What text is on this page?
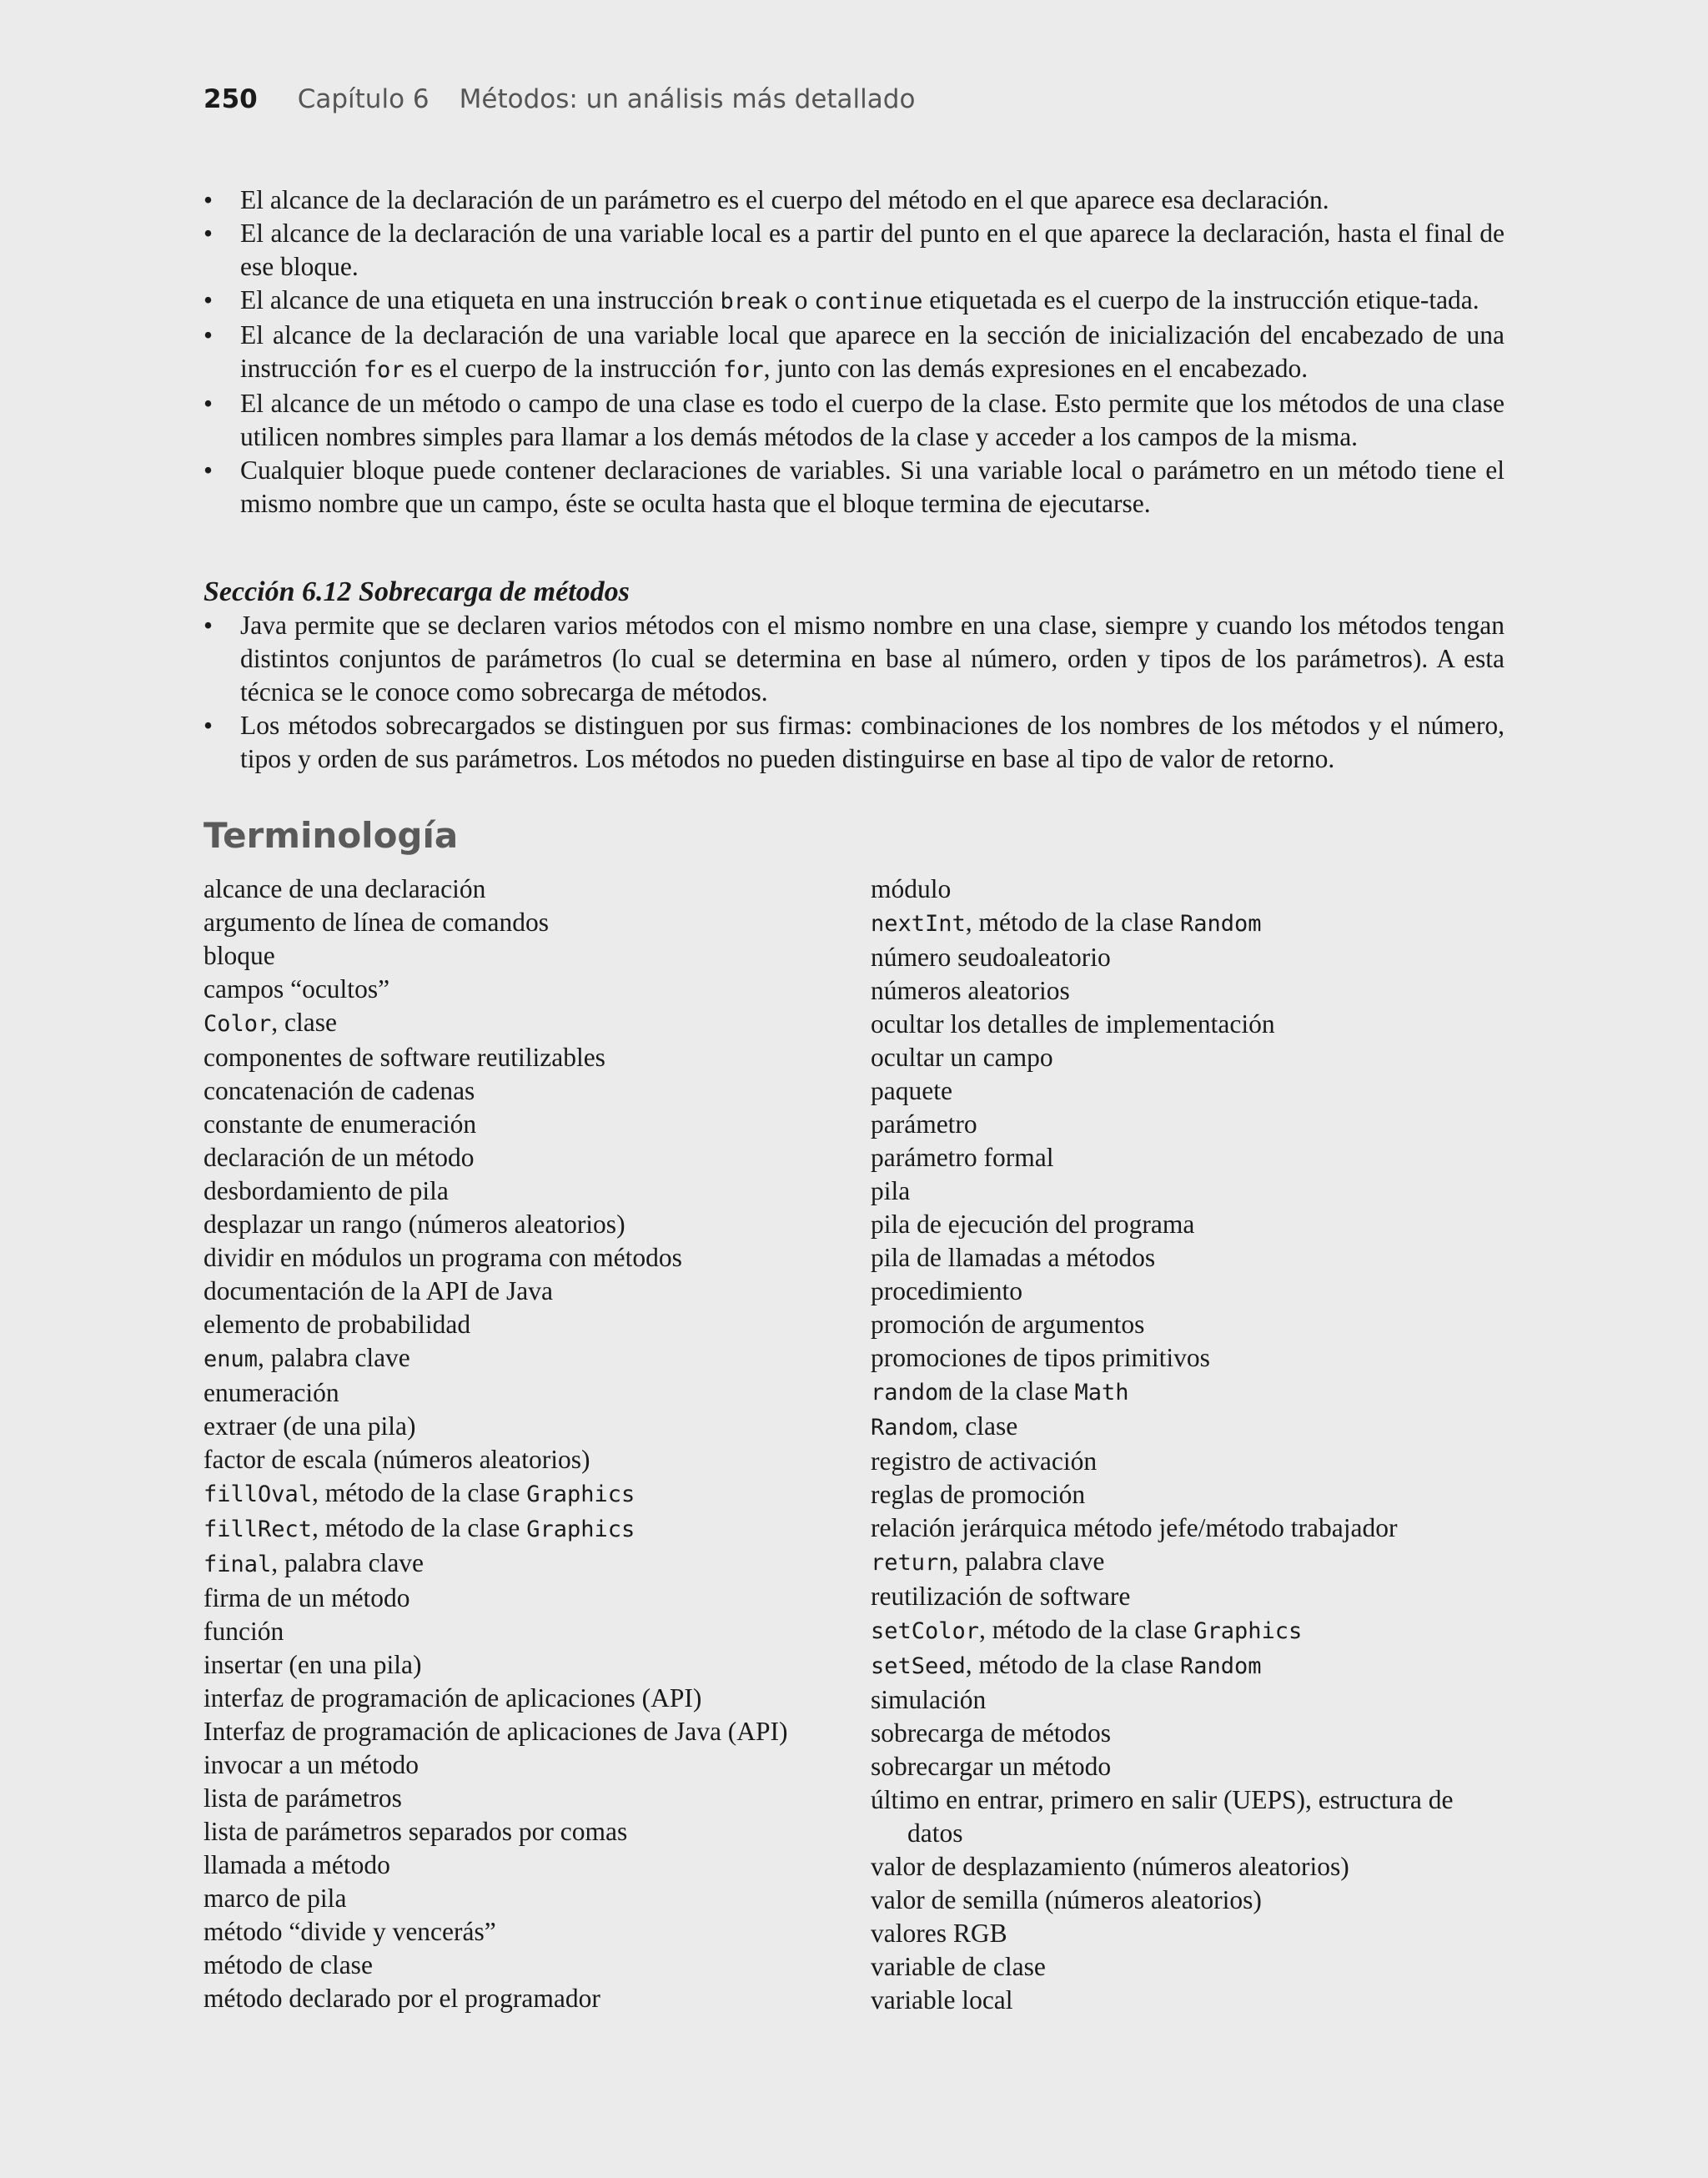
250 Capítulo 6 Métodos: un análisis más detallado
• El alcance de la declaración de un parámetro es el cuerpo del método en el que aparece esa declaración.
• El alcance de la declaración de una variable local es a partir del punto en el que aparece la declaración, hasta el final de ese bloque.
• El alcance de una etiqueta en una instrucción break o continue etiquetada es el cuerpo de la instrucción etique-tada.
• El alcance de la declaración de una variable local que aparece en la sección de inicialización del encabezado de una instrucción for es el cuerpo de la instrucción for, junto con las demás expresiones en el encabezado.
• El alcance de un método o campo de una clase es todo el cuerpo de la clase. Esto permite que los métodos de una clase utilicen nombres simples para llamar a los demás métodos de la clase y acceder a los campos de la misma.
• Cualquier bloque puede contener declaraciones de variables. Si una variable local o parámetro en un método tiene el mismo nombre que un campo, éste se oculta hasta que el bloque termina de ejecutarse.
Sección 6.12 Sobrecarga de métodos
• Java permite que se declaren varios métodos con el mismo nombre en una clase, siempre y cuando los métodos tengan distintos conjuntos de parámetros (lo cual se determina en base al número, orden y tipos de los parámetros). A esta técnica se le conoce como sobrecarga de métodos.
• Los métodos sobrecargados se distinguen por sus firmas: combinaciones de los nombres de los métodos y el número, tipos y orden de sus parámetros. Los métodos no pueden distinguirse en base al tipo de valor de retorno.
Terminología
alcance de una declaración
argumento de línea de comandos
bloque
campos “ocultos”
Color, clase
componentes de software reutilizables
concatenación de cadenas
constante de enumeración
declaración de un método
desbordamiento de pila
desplazar un rango (números aleatorios)
dividir en módulos un programa con métodos
documentación de la API de Java
elemento de probabilidad
enum, palabra clave
enumeración
extraer (de una pila)
factor de escala (números aleatorios)
fillOval, método de la clase Graphics
fillRect, método de la clase Graphics
final, palabra clave
firma de un método
función
insertar (en una pila)
interfaz de programación de aplicaciones (API)
Interfaz de programación de aplicaciones de Java (API)
invocar a un método
lista de parámetros
lista de parámetros separados por comas
llamada a método
marco de pila
método “divide y vencerás”
método de clase
método declarado por el programador
módulo
nextInt, método de la clase Random
número seudoaleatorio
números aleatorios
ocultar los detalles de implementación
ocultar un campo
paquete
parámetro
parámetro formal
pila
pila de ejecución del programa
pila de llamadas a métodos
procedimiento
promoción de argumentos
promociones de tipos primitivos
random de la clase Math
Random, clase
registro de activación
reglas de promoción
relación jerárquica método jefe/método trabajador
return, palabra clave
reutilización de software
setColor, método de la clase Graphics
setSeed, método de la clase Random
simulación
sobrecarga de métodos
sobrecargar un método
último en entrar, primero en salir (UEPS), estructura de datos
valor de desplazamiento (números aleatorios)
valor de semilla (números aleatorios)
valores RGB
variable de clase
variable local
